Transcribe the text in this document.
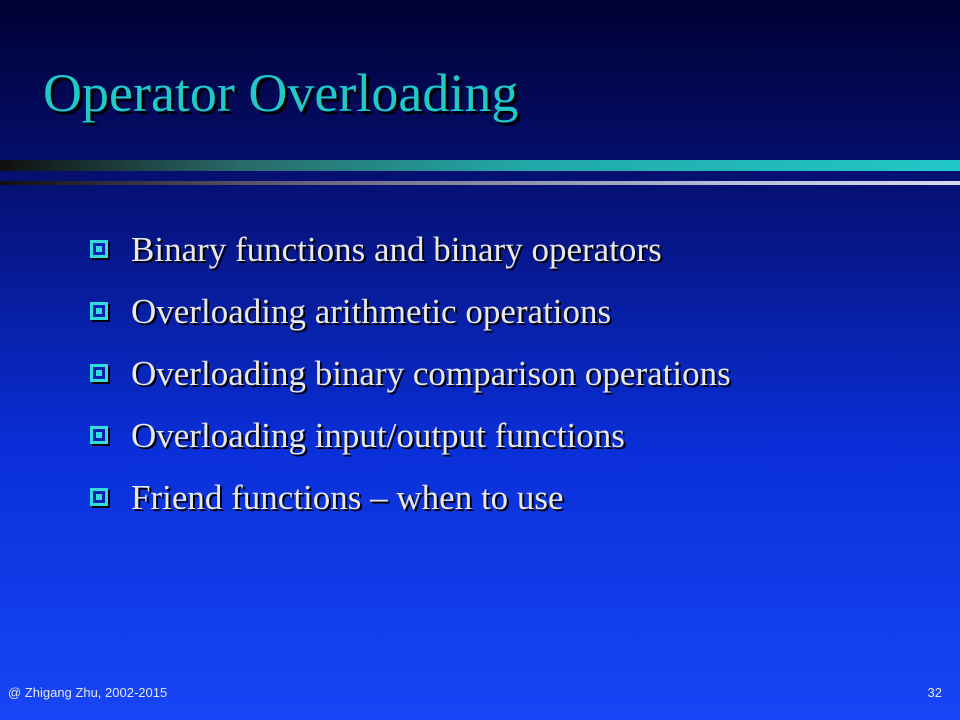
Operator Overloading
Binary functions and binary operators
Overloading arithmetic operations
Overloading binary comparison operations
Overloading input/output functions
Friend functions – when to use
@ Zhigang Zhu, 2002-2015	32
